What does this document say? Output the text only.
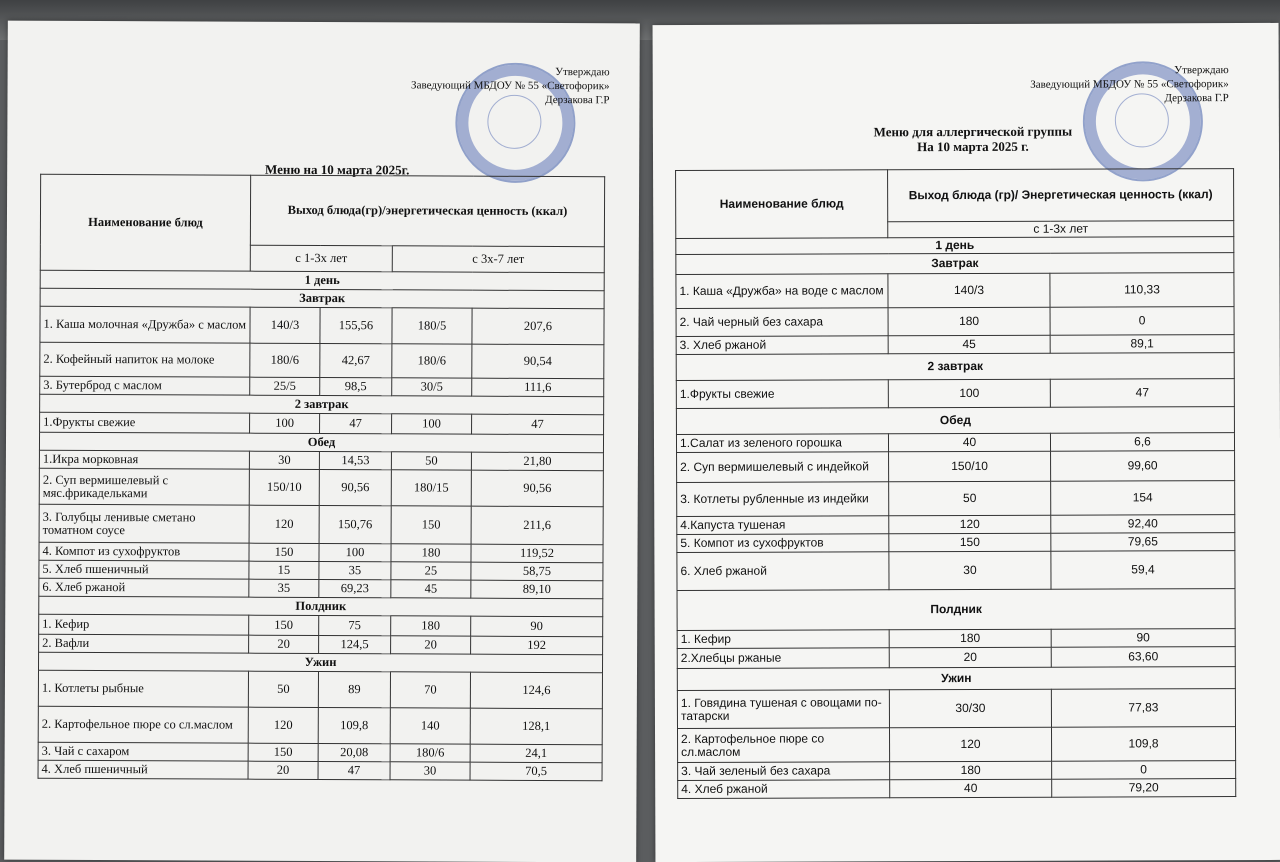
Утверждаю
Заведующий МБДОУ № 55 «Светофорик»
Дерзакова Г.Р
Меню на 10 марта 2025г.
Наименование блюд	Выход блюда(гр)/энергетическая ценность (ккал)			
	с 1-3х лет		с 3х-7 лет	
1 день				
Завтрак				
1. Каша молочная «Дружба» с маслом	140/3	155,56	180/5	207,6
2. Кофейный напиток на молоке	180/6	42,67	180/6	90,54
3. Бутерброд с маслом	25/5	98,5	30/5	111,6
2 завтрак				
1.Фрукты свежие	100	47	100	47
Обед				
1.Икра морковная	30	14,53	50	21,80
2. Суп вермишелевый с мяс.фрикадельками	150/10	90,56	180/15	90,56
3. Голубцы ленивые сметано томатном соусе	120	150,76	150	211,6
4. Компот из сухофруктов	150	100	180	119,52
5. Хлеб пшеничный	15	35	25	58,75
6. Хлеб ржаной	35	69,23	45	89,10
Полдник				
1. Кефир	150	75	180	90
2. Вафли	20	124,5	20	192
Ужин				
1. Котлеты рыбные	50	89	70	124,6
2. Картофельное пюре со сл.маслом	120	109,8	140	128,1
3. Чай с сахаром	150	20,08	180/6	24,1
4. Хлеб пшеничный	20	47	30	70,5
Утверждаю
Заведующий МБДОУ № 55 «Светофорик»
Дерзакова Г.Р
Меню для аллергической группы
На 10 марта 2025 г.
Наименование блюд	Выход блюда (гр)/ Энергетическая ценность (ккал)	
	с 1-3х лет	
1 день		
Завтрак		
1. Каша «Дружба» на воде с маслом	140/3	110,33
2. Чай черный без сахара	180	0
3. Хлеб ржаной	45	89,1
2 завтрак		
1.Фрукты свежие	100	47
Обед		
1.Салат из зеленого горошка	40	6,6
2. Суп вермишелевый с индейкой	150/10	99,60
3. Котлеты рубленные из индейки	50	154
4.Капуста тушеная	120	92,40
5. Компот из сухофруктов	150	79,65
6. Хлеб ржаной	30	59,4
Полдник		
1. Кефир	180	90
2.Хлебцы ржаные	20	63,60
Ужин		
1. Говядина тушеная с овощами по-татарски	30/30	77,83
2. Картофельное пюре со сл.маслом	120	109,8
3. Чай зеленый без сахара	180	0
4. Хлеб ржаной	40	79,20
